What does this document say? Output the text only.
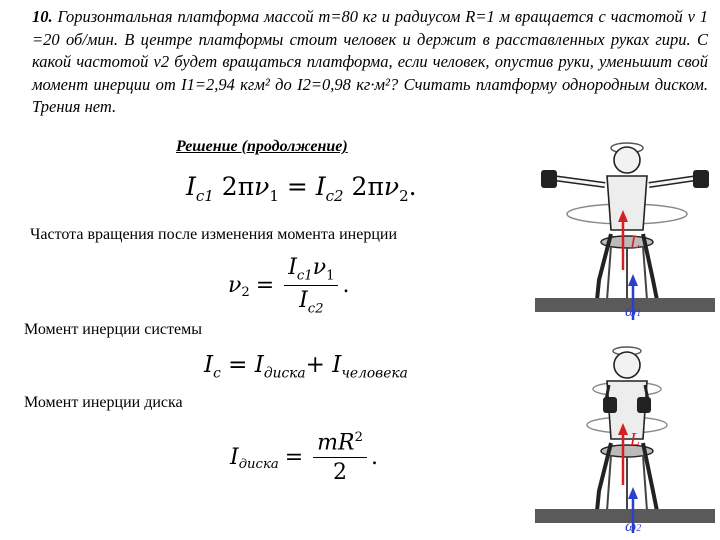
10. Горизонтальная платформа массой m=80 кг и радиусом R=1 м вращается с частотой ν 1 =20 об/мин. В центре платформы стоит человек и держит в расставленных руках гири. С какой частотой ν2 будет вращаться платформа, если человек, опустив руки, уменьшит свой момент инерции от I1=2,94 кгм² до I2=0,98 кг·м²? Считать платформу однородным диском. Трения нет.
Решение (продолжение)
$I_{c1}$ $2\pi\nu_1 = I_{c2}$ $2\pi\nu_2$.
Частота вращения после изменения момента инерции
$\nu_2 = \frac{I_{c1}\nu_1}{I_{c2}}$ .
Момент инерции системы
$I_c = I_{диска}+ I_{человека}$
Момент инерции диска
$I_{диска} = \frac{mR^2}{2}$ .
L
ω1
L
ω2
